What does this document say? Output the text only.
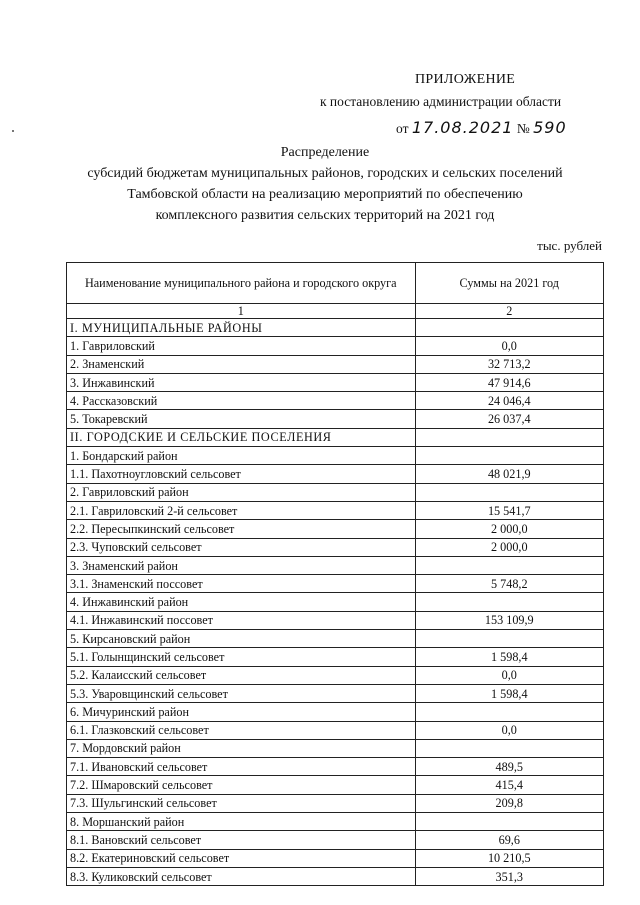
ПРИЛОЖЕНИЕ
к постановлению администрации области
от 17.08.2021 № 590
Распределение
субсидий бюджетам муниципальных районов, городских и сельских поселений
Тамбовской области на реализацию мероприятий по обеспечению
комплексного развития сельских территорий на 2021 год
тыс. рублей
Наименование муниципального района и городского округа	Суммы на 2021 год
1	2
I. МУНИЦИПАЛЬНЫЕ РАЙОНЫ	
1. Гавриловский	0,0
2. Знаменский	32 713,2
3. Инжавинский	47 914,6
4. Рассказовский	24 046,4
5. Токаревский	26 037,4
II. ГОРОДСКИЕ И СЕЛЬСКИЕ ПОСЕЛЕНИЯ	
1. Бондарский район	
1.1. Пахотноугловский сельсовет	48 021,9
2. Гавриловский район	
2.1. Гавриловский 2-й сельсовет	15 541,7
2.2. Пересыпкинский сельсовет	2 000,0
2.3. Чуповский сельсовет	2 000,0
3. Знаменский район	
3.1. Знаменский поссовет	5 748,2
4. Инжавинский район	
4.1. Инжавинский поссовет	153 109,9
5. Кирсановский район	
5.1. Голынщинский сельсовет	1 598,4
5.2. Калаисский сельсовет	0,0
5.3. Уваровщинский сельсовет	1 598,4
6. Мичуринский район	
6.1. Глазковский сельсовет	0,0
7. Мордовский район	
7.1. Ивановский сельсовет	489,5
7.2. Шмаровский сельсовет	415,4
7.3. Шульгинский сельсовет	209,8
8. Моршанский район	
8.1. Вановский сельсовет	69,6
8.2. Екатериновский сельсовет	10 210,5
8.3. Куликовский сельсовет	351,3
